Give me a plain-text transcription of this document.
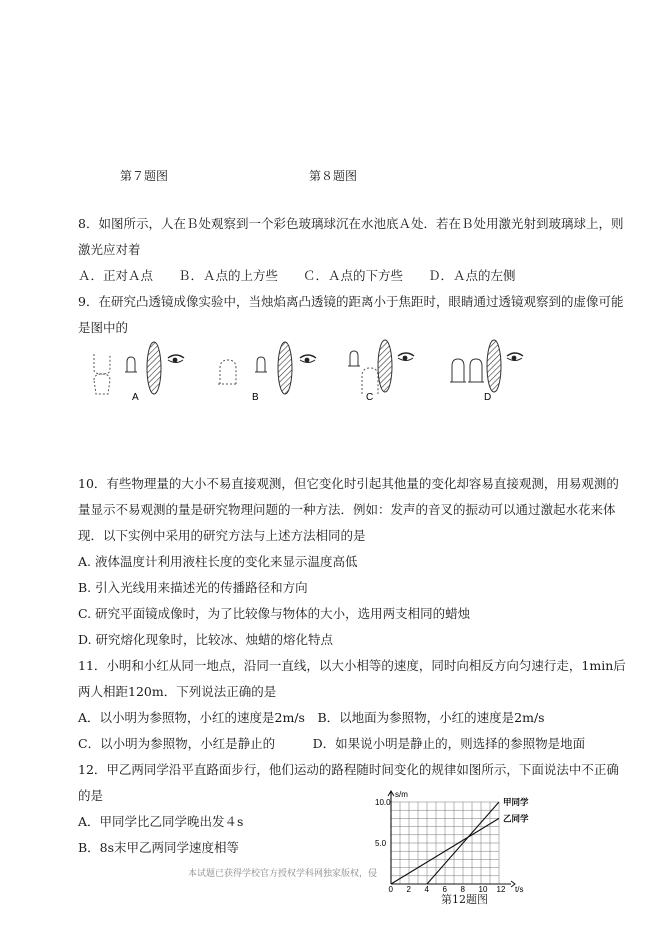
第７题图	第８题图
8．如图所示，人在Ｂ处观察到一个彩色玻璃球沉在水池底Ａ处．若在Ｂ处用激光射到玻璃球上，则
激光应对着
Ａ．正对Ａ点　　Ｂ．Ａ点的上方些　　Ｃ．Ａ点的下方些　　Ｄ．Ａ点的左侧
9．在研究凸透镜成像实验中，当烛焰离凸透镜的距离小于焦距时，眼睛通过透镜观察到的虚像可能
是图中的
A	B	C	D
10．有些物理量的大小不易直接观测，但它变化时引起其他量的变化却容易直接观测，用易观测的
量显示不易观测的量是研究物理问题的一种方法．例如：发声的音叉的振动可以通过激起水花来体
现．以下实例中采用的研究方法与上述方法相同的是
A. 液体温度计利用液柱长度的变化来显示温度高低
B. 引入光线用来描述光的传播路径和方向
C. 研究平面镜成像时，为了比较像与物体的大小，选用两支相同的蜡烛
D. 研究熔化现象时，比较冰、烛蜡的熔化特点
11．小明和小红从同一地点，沿同一直线，以大小相等的速度，同时向相反方向匀速行走，1min后
两人相距120m．下列说法正确的是
A．以小明为参照物，小红的速度是2m/s　B．以地面为参照物，小红的速度是2m/s
C．以小明为参照物，小红是静止的　　　D．如果说小明是静止的，则选择的参照物是地面
12．甲乙两同学沿平直路面步行，他们运动的路程随时间变化的规律如图所示，下面说法中不正确
的是
A．甲同学比乙同学晚出发４s
B．8s末甲乙两同学速度相等
本试题已获得学校官方授权学科网独家版权，侵
s/m
t/s
0 2 4 6 8 10 12
5.0
10.0	甲同学
乙同学
第12题图
